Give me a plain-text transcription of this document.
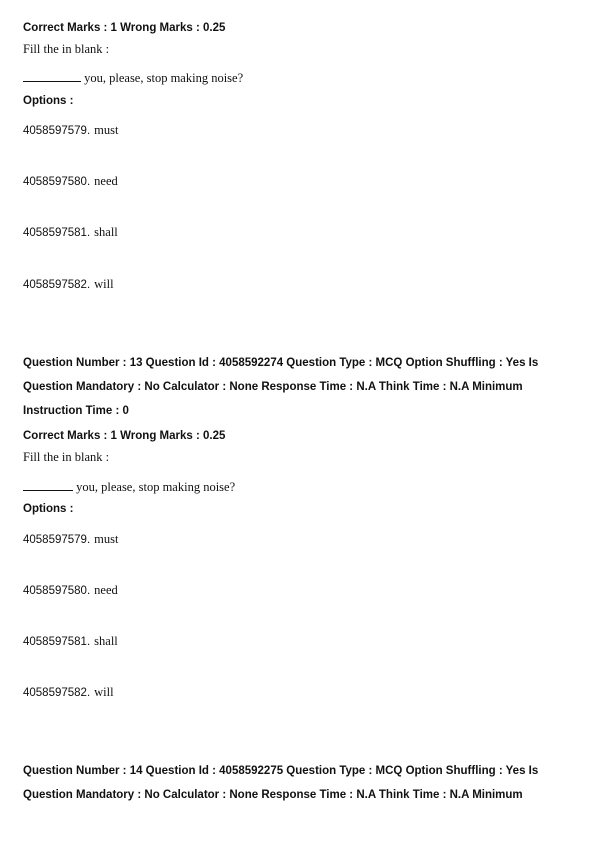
Correct Marks : 1 Wrong Marks : 0.25
Fill the in blank :
you, please, stop making noise?
Options :
4058597579. must
4058597580. need
4058597581. shall
4058597582. will
Question Number : 13 Question Id : 4058592274 Question Type : MCQ Option Shuffling : Yes Is
Question Mandatory : No Calculator : None Response Time : N.A Think Time : N.A Minimum
Instruction Time : 0
Correct Marks : 1 Wrong Marks : 0.25
Fill the in blank :
you, please, stop making noise?
Options :
4058597579. must
4058597580. need
4058597581. shall
4058597582. will
Question Number : 14 Question Id : 4058592275 Question Type : MCQ Option Shuffling : Yes Is
Question Mandatory : No Calculator : None Response Time : N.A Think Time : N.A Minimum
